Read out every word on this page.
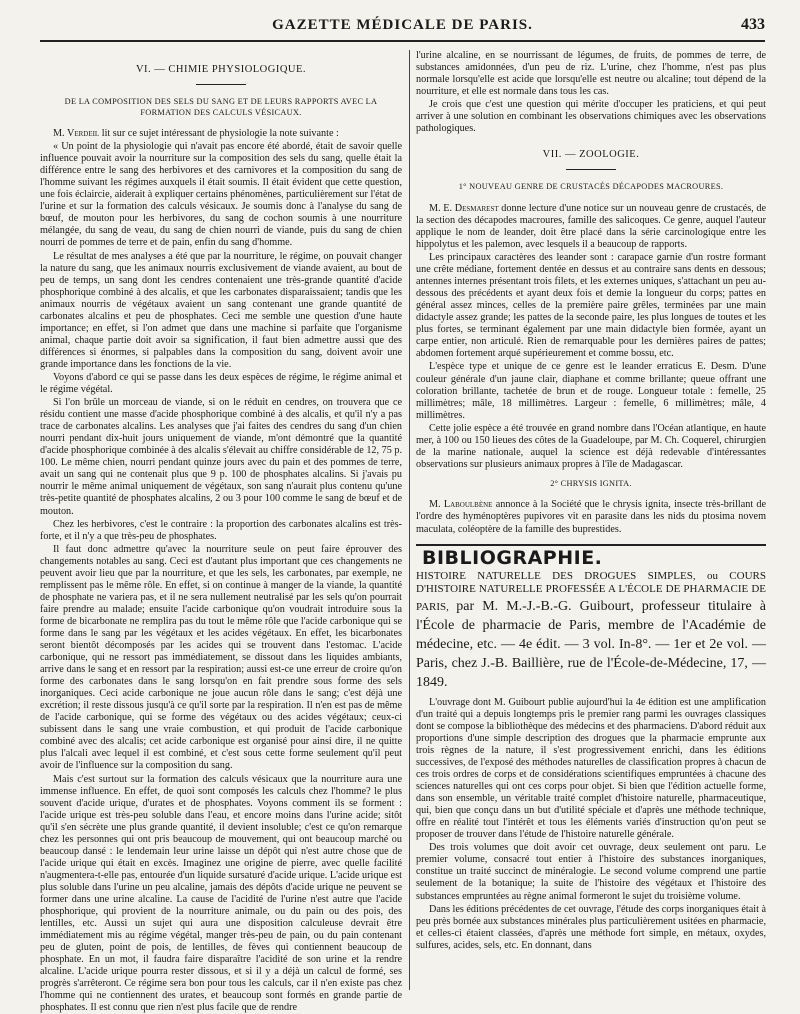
GAZETTE MÉDICALE DE PARIS.	433
VI. — CHIMIE PHYSIOLOGIQUE.
DE LA COMPOSITION DES SELS DU SANG ET DE LEURS RAPPORTS AVEC LA FORMATION DES CALCULS VÉSICAUX.

M. Verdeil lit sur ce sujet intéressant de physiologie la note suivante :

« Un point de la physiologie qui n'avait pas encore été abordé, était de savoir quelle influence pouvait avoir la nourriture sur la composition des sels du sang, quelle était la différence entre le sang des herbivores et des carnivores et la composition du sang de l'homme suivant les régimes auxquels il était soumis. Il était évident que cette question, une fois éclaircie, aiderait à expliquer certains phénomènes, particulièrement sur l'état de l'urine et sur la formation des calculs vésicaux. Je soumis donc à l'analyse du sang de bœuf, de mouton pour les herbivores, du sang de cochon soumis à une nourriture mélangée, du sang de veau, du sang de chien nourri de viande, puis du sang de chien nourri de pommes de terre et de pain, enfin du sang d'homme.

Le résultat de mes analyses a été que par la nourriture, le régime, on pouvait changer la nature du sang, que les animaux nourris exclusivement de viande avaient, au bout de peu de temps, un sang dont les cendres contenaient une très-grande quantité d'acide phosphorique combiné à des alcalis, et que les carbonates disparaissaient; tandis que les animaux nourris de végétaux avaient un sang contenant une grande quantité de carbonates alcalins et peu de phosphates. Ceci me semble une question d'une haute importance; en effet, si l'on admet que dans une machine si parfaite que l'organisme animal, chaque partie doit avoir sa signification, il faut bien admettre aussi que des différences si énormes, si palpables dans la composition du sang, doivent avoir une grande importance dans les fonctions de la vie.

Voyons d'abord ce qui se passe dans les deux espèces de régime, le régime animal et le régime végétal.

Si l'on brûle un morceau de viande, si on le réduit en cendres, on trouvera que ce résidu contient une masse d'acide phosphorique combiné à des alcalis, et qu'il n'y a pas trace de carbonates alcalins. Les analyses que j'ai faites des cendres du sang d'un chien nourri pendant dix-huit jours uniquement de viande, m'ont démontré que la quantité d'acide phosphorique combinée à des alcalis s'élevait au chiffre considérable de 12, 75 p. 100. Le même chien, nourri pendant quinze jours avec du pain et des pommes de terre, avait un sang qui ne contenait plus que 9 p. 100 de phosphates alcalins. Si j'avais pu nourrir le même animal uniquement de végétaux, son sang n'aurait plus contenu qu'une très-petite quantité de phosphates alcalins, 2 ou 3 pour 100 comme le sang de bœuf et de mouton.

Chez les herbivores, c'est le contraire : la proportion des carbonates alcalins est très-forte, et il n'y a que très-peu de phosphates.

Il faut donc admettre qu'avec la nourriture seule on peut faire éprouver des changements notables au sang. Ceci est d'autant plus important que ces changements ne peuvent avoir lieu que par la nourriture, et que les sels, les carbonates, par exemple, ne remplissent pas le même rôle. En effet, si on continue à manger de la viande, la quantité de phosphate ne variera pas, et il ne sera nullement neutralisé par les sels qu'on pourrait faire prendre au malade; ensuite l'acide carbonique qu'on voudrait introduire sous la forme de bicarbonate ne remplira pas du tout le même rôle que l'acide carbonique qui se forme dans le sang par les végétaux et les acides végétaux. En effet, les bicarbonates seront bientôt décomposés par les acides qui se trouvent dans l'estomac. L'acide carbonique, qui ne ressort pas immédiatement, se dissout dans les liquides ambiants, arrive dans le sang et en ressort par la respiration; aussi est-ce une erreur de croire qu'on forme des carbonates dans le sang lorsqu'on en fait prendre sous forme des sels inorganiques. Ceci acide carbonique ne joue aucun rôle dans le sang; c'est déjà une excrétion; il reste dissous jusqu'à ce qu'il sorte par la respiration. Il n'en est pas de même de l'acide carbonique, qui se forme des végétaux ou des acides végétaux; ceux-ci subissent dans le sang une vraie combustion, et qui produit de l'acide carbonique combiné avec des alcalis; cet acide carbonique est organisé pour ainsi dire, il ne quitte plus l'alcali avec lequel il est combiné, et c'est sous cette forme seulement qu'il peut avoir de l'influence sur la composition du sang.

Mais c'est surtout sur la formation des calculs vésicaux que la nourriture aura une immense influence. En effet, de quoi sont composés les calculs chez l'homme? le plus souvent d'acide urique, d'urates et de phosphates. Voyons comment ils se forment : l'acide urique est très-peu soluble dans l'eau, et encore moins dans l'urine acide; sitôt qu'il s'en sécrète une plus grande quantité, il devient insoluble; c'est ce qu'on remarque chez les personnes qui ont pris beaucoup de mouvement, qui ont beaucoup marché ou beaucoup dansé : le lendemain leur urine laisse un dépôt qui n'est autre chose que de l'acide urique qui était en excès. Imaginez une origine de pierre, avec quelle facilité n'augmentera-t-elle pas, entourée d'un liquide sursaturé d'acide urique. L'acide urique est plus soluble dans l'urine un peu alcaline, jamais des dépôts d'acide urique ne peuvent se former dans une urine alcaline. La cause de l'acidité de l'urine n'est autre que l'acide phosphorique, qui provient de la nourriture animale, ou du pain ou des pois, des lentilles, etc. Aussi un sujet qui aura une disposition calculeuse devrait être immédiatement mis au régime végétal, manger très-peu de pain, ou du pain contenant peu de gluten, point de pois, de lentilles, de fèves qui contiennent beaucoup de phosphate. En un mot, il faudra faire disparaître l'acidité de son urine et la rendre alcaline. L'acide urique pourra rester dissous, et si il y a déjà un calcul de formé, ses progrès s'arrêteront. Ce régime sera bon pour tous les calculs, car il n'en existe pas chez l'homme qui ne contiennent des urates, et beaucoup sont formés en grande partie de phosphates. Il est connu que rien n'est plus facile que de rendre

l'urine alcaline, en se nourrissant de légumes, de fruits, de pommes de terre, de substances amidonnées, d'un peu de riz. L'urine, chez l'homme, n'est pas plus normale lorsqu'elle est acide que lorsqu'elle est neutre ou alcaline; tout dépend de la nourriture, et elle est normale dans tous les cas.

Je crois que c'est une question qui mérite d'occuper les praticiens, et qui peut arriver à une solution en combinant les observations chimiques avec les observations pathologiques.

VII. — ZOOLOGIE.
1° NOUVEAU GENRE DE CRUSTACÉS DÉCAPODES MACROURES.

M. E. Desmarest donne lecture d'une notice sur un nouveau genre de crustacés, de la section des décapodes macroures, famille des salicoques. Ce genre, auquel l'auteur applique le nom de leander, doit être placé dans la série carcinologique entre les hippolytus et les palemon, avec lesquels il a beaucoup de rapports.

Les principaux caractères des leander sont : carapace garnie d'un rostre formant une crête médiane, fortement dentée en dessus et au contraire sans dents en dessous; antennes internes présentant trois filets, et les externes uniques, s'attachant un peu au-dessous des précédents et ayant deux fois et demie la longueur du corps; pattes en général assez minces, celles de la première paire grêles, terminées par une main didactyle assez grande; les pattes de la seconde paire, les plus longues de toutes et les plus fortes, se terminant également par une main didactyle bien formée, ayant un carpe entier, non articulé. Rien de remarquable pour les dernières paires de pattes; abdomen fortement arqué supérieurement et comme bossu, etc.

L'espèce type et unique de ce genre est le leander erraticus E. Desm. D'une couleur générale d'un jaune clair, diaphane et comme brillante; queue offrant une coloration brillante, tachetée de brun et de rouge. Longueur totale : femelle, 25 millimètres; mâle, 18 millimètres. Largeur : femelle, 6 millimètres; mâle, 4 millimètres.

Cette jolie espèce a été trouvée en grand nombre dans l'Océan atlantique, en haute mer, à 100 ou 150 lieues des côtes de la Guadeloupe, par M. Ch. Coquerel, chirurgien de la marine nationale, auquel la science est déjà redevable d'intéressantes observations sur plusieurs animaux propres à l'île de Madagascar.

2° CHRYSIS IGNITA.

M. Laboulbène annonce à la Société que le chrysis ignita, insecte très-brillant de l'ordre des hyménoptères pupivores vit en parasite dans les nids du ptosima novem maculata, coléoptère de la famille des buprestides.

BIBLIOGRAPHIE.

HISTOIRE NATURELLE DES DROGUES SIMPLES, ou COURS D'HISTOIRE NATURELLE PROFESSÉE A L'ÉCOLE DE PHARMACIE DE PARIS, par M. M.-J.-B.-G. Guibourt, professeur titulaire à l'École de pharmacie de Paris, membre de l'Académie de médecine, etc. — 4e édit. — 3 vol. In-8°. — 1er et 2e vol. — Paris, chez J.-B. Baillière, rue de l'École-de-Médecine, 17, — 1849.

L'ouvrage dont M. Guibourt publie aujourd'hui la 4e édition est une amplification d'un traité qui a depuis longtemps pris le premier rang parmi les ouvrages classiques dont se compose la bibliothèque des médecins et des pharmaciens. D'abord réduit aux proportions d'une simple description des drogues que la pharmacie emprunte aux trois règnes de la nature, il s'est progressivement enrichi, dans les éditions successives, de l'exposé des méthodes naturelles de classification propres à chacun de ces trois ordres de corps et de considérations scientifiques empruntées à chacune des sciences naturelles qui ont ces corps pour objet. Si bien que l'édition actuelle forme, dans son ensemble, un véritable traité complet d'histoire naturelle, pharmaceutique, qui, bien que conçu dans un but d'utilité spéciale et d'après une méthode technique, offre en réalité tout l'intérêt et tous les éléments variés d'instruction qu'on peut se proposer de trouver dans l'étude de l'histoire naturelle générale.

Des trois volumes que doit avoir cet ouvrage, deux seulement ont paru. Le premier volume, consacré tout entier à l'histoire des substances inorganiques, constitue un traité succinct de minéralogie. Le second volume comprend une partie seulement de la botanique; la suite de l'histoire des végétaux et l'histoire des substances empruntées au règne animal formeront le sujet du troisième volume.

Dans les éditions précédentes de cet ouvrage, l'étude des corps inorganiques était à peu près bornée aux substances minérales plus particulièrement usitées en pharmacie, et celles-ci étaient classées, d'après une méthode fort simple, en métaux, oxydes, sulfures, acides, sels, etc. En donnant, dans
